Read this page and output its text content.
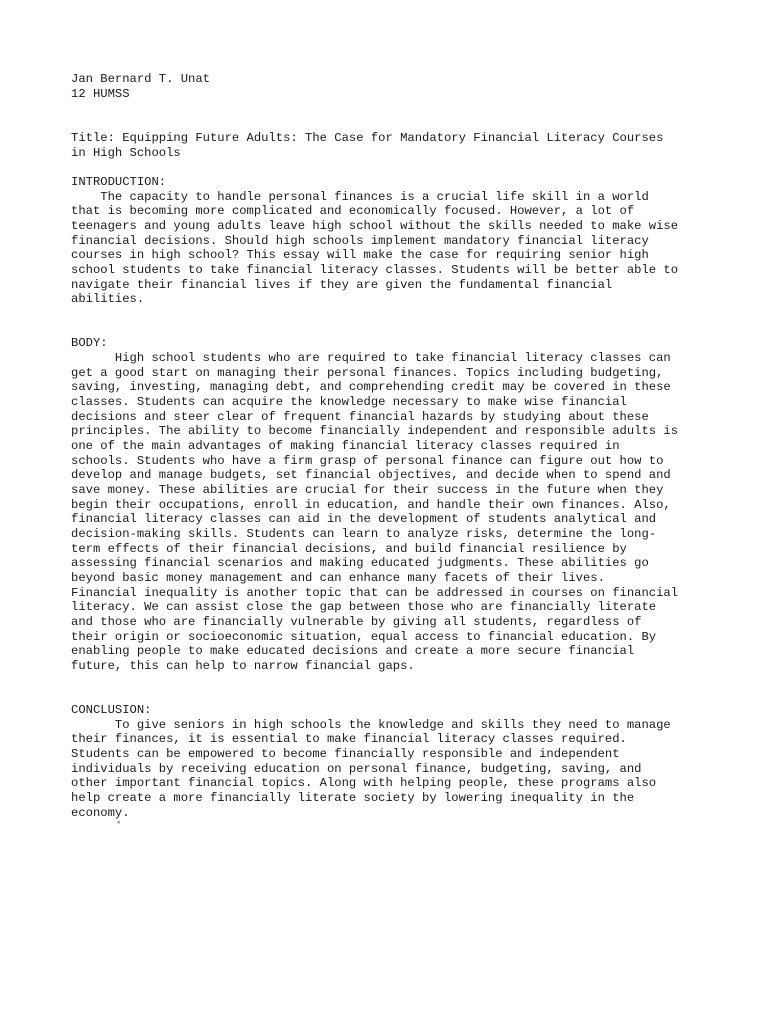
Jan Bernard T. Unat

12 HUMSS

Title: Equipping Future Adults: The Case for Mandatory Financial Literacy Courses

in High Schools

INTRODUCTION:

The capacity to handle personal finances is a crucial life skill in a world

that is becoming more complicated and economically focused. However, a lot of

teenagers and young adults leave high school without the skills needed to make wise

financial decisions. Should high schools implement mandatory financial literacy

courses in high school? This essay will make the case for requiring senior high

school students to take financial literacy classes. Students will be better able to

navigate their financial lives if they are given the fundamental financial

abilities.

BODY:

High school students who are required to take financial literacy classes can

get a good start on managing their personal finances. Topics including budgeting,

saving, investing, managing debt, and comprehending credit may be covered in these

classes. Students can acquire the knowledge necessary to make wise financial

decisions and steer clear of frequent financial hazards by studying about these

principles. The ability to become financially independent and responsible adults is

one of the main advantages of making financial literacy classes required in

schools. Students who have a firm grasp of personal finance can figure out how to

develop and manage budgets, set financial objectives, and decide when to spend and

save money. These abilities are crucial for their success in the future when they

begin their occupations, enroll in education, and handle their own finances. Also,

financial literacy classes can aid in the development of students analytical and

decision-making skills. Students can learn to analyze risks, determine the long-

term effects of their financial decisions, and build financial resilience by

assessing financial scenarios and making educated judgments. These abilities go

beyond basic money management and can enhance many facets of their lives.

Financial inequality is another topic that can be addressed in courses on financial

literacy. We can assist close the gap between those who are financially literate

and those who are financially vulnerable by giving all students, regardless of

their origin or socioeconomic situation, equal access to financial education. By

enabling people to make educated decisions and create a more secure financial

future, this can help to narrow financial gaps.

CONCLUSION:

To give seniors in high schools the knowledge and skills they need to manage

their finances, it is essential to make financial literacy classes required.

Students can be empowered to become financially responsible and independent

individuals by receiving education on personal finance, budgeting, saving, and

other important financial topics. Along with helping people, these programs also

help create a more financially literate society by lowering inequality in the

economy.

°
